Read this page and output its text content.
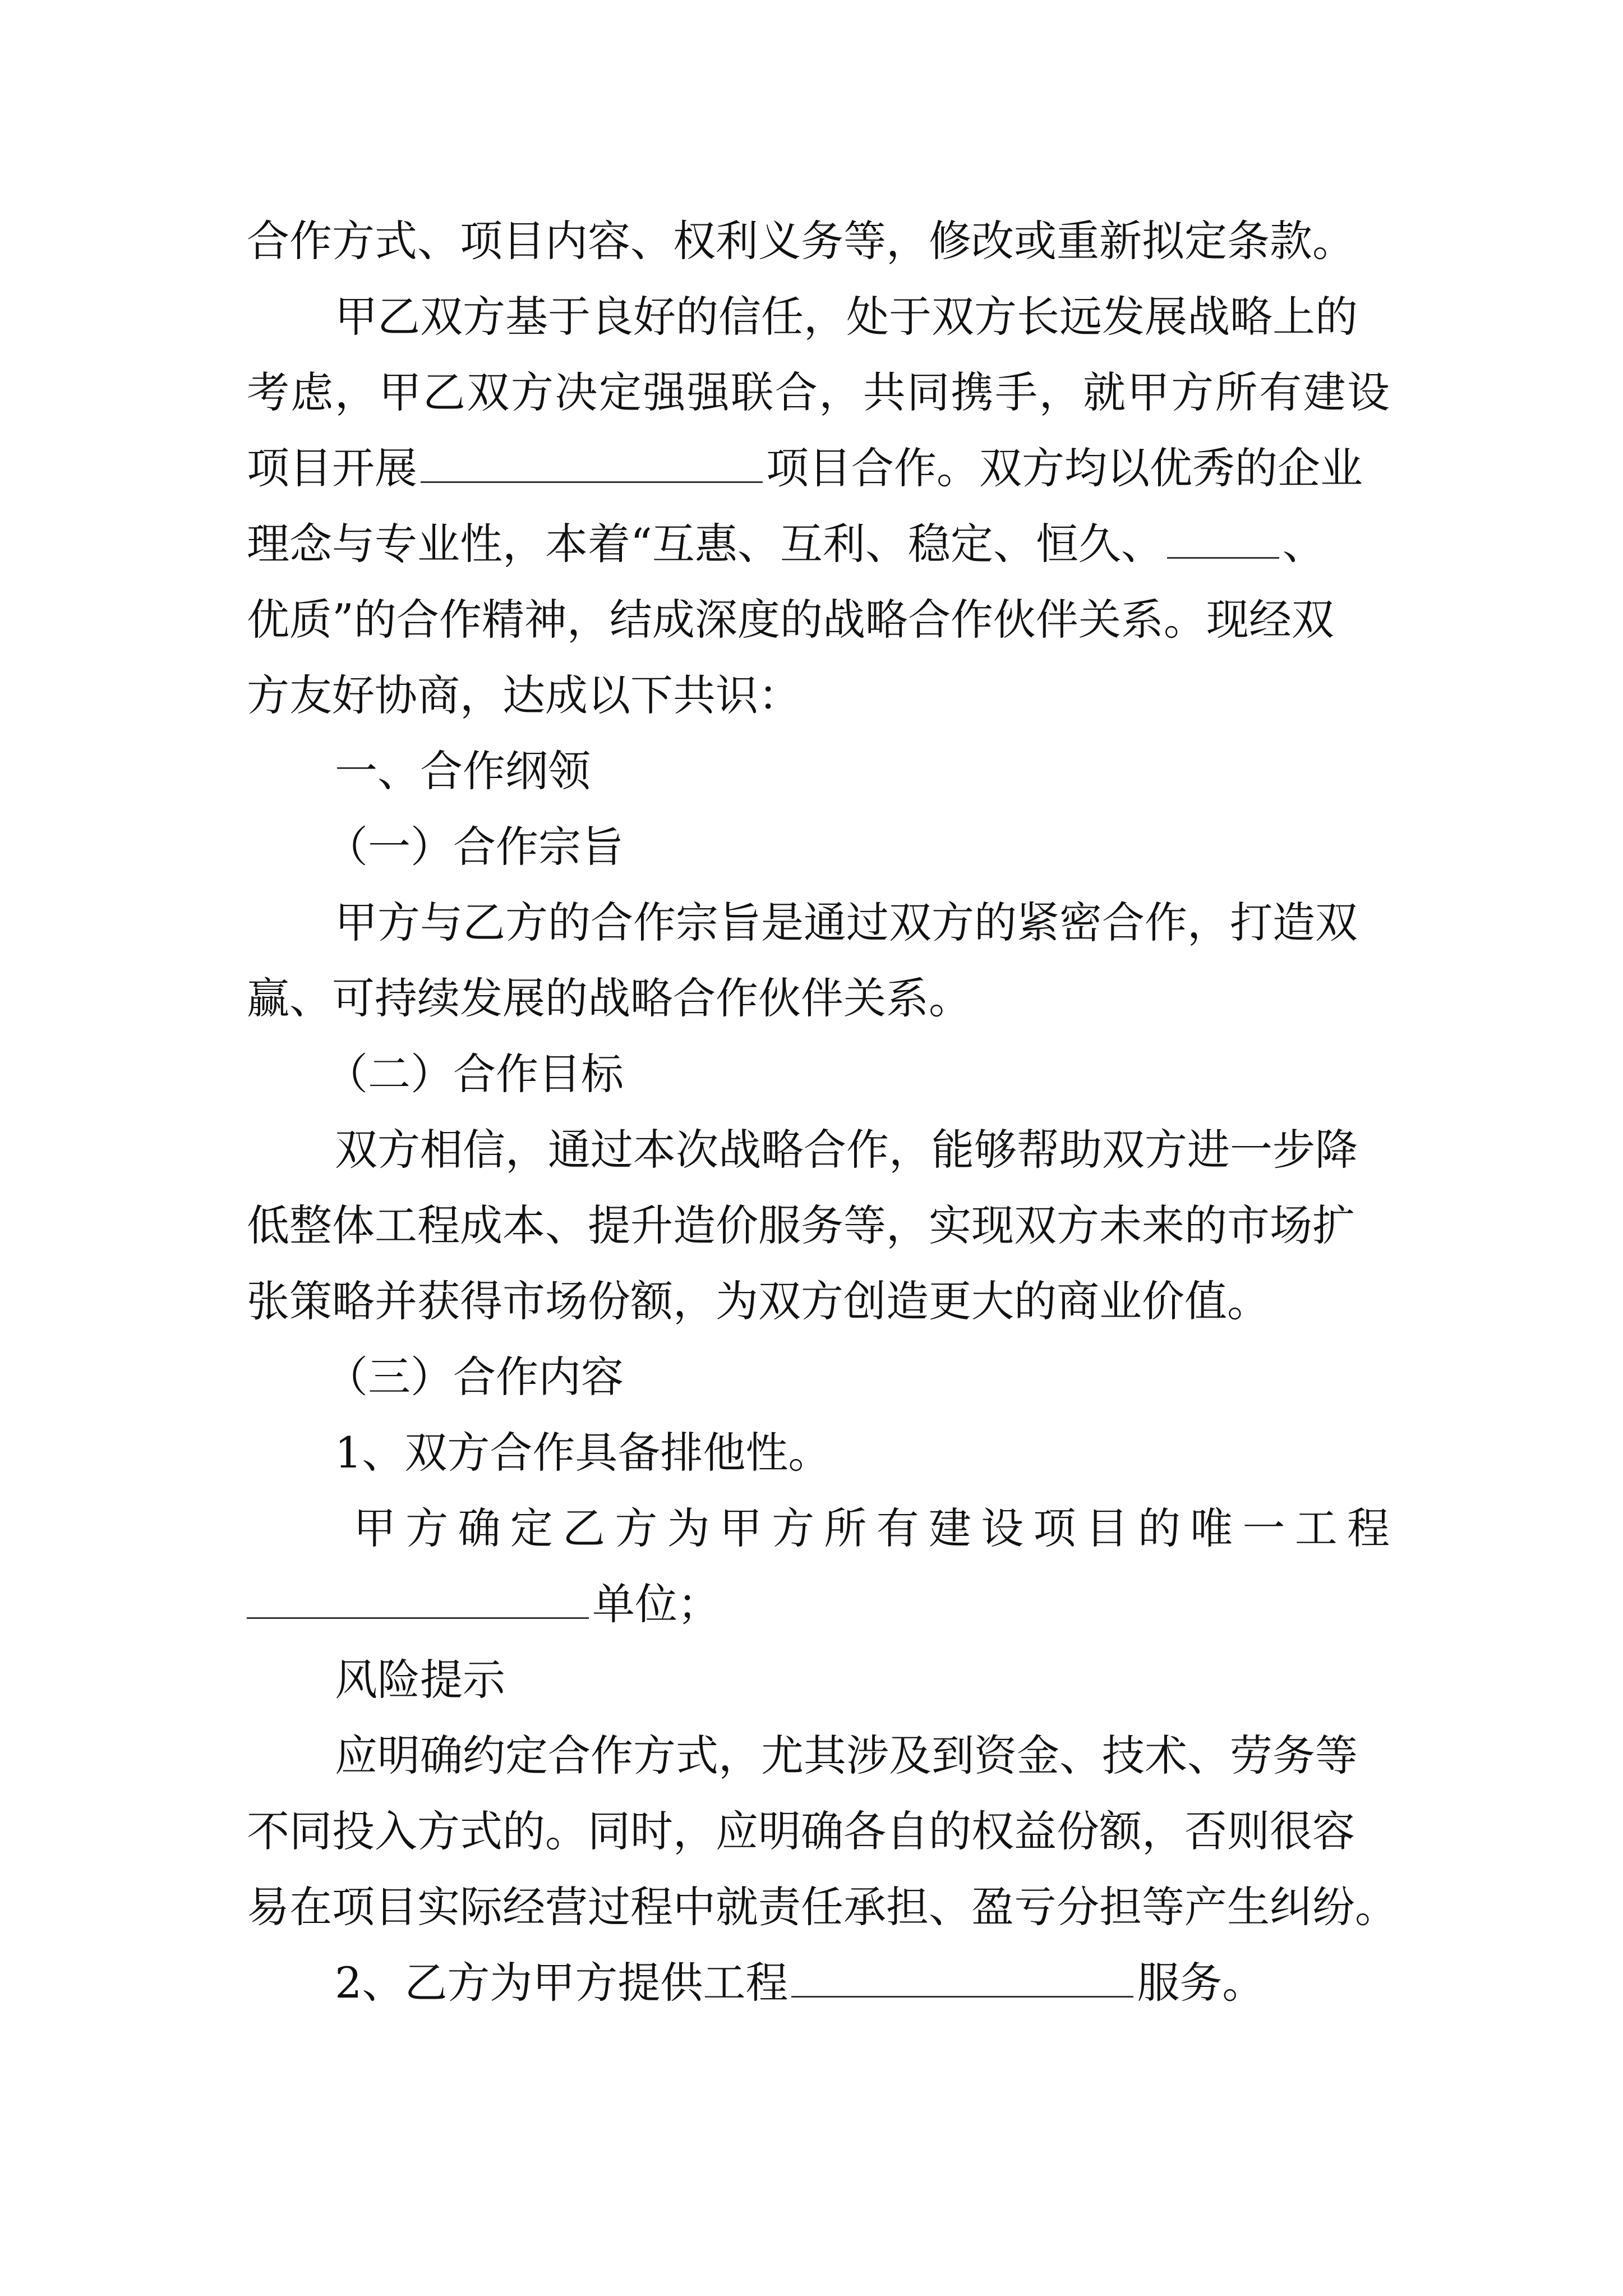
合作方式、项目内容、权利义务等，修改或重新拟定条款。
甲乙双方基于良好的信任，处于双方长远发展战略上的
考虑，甲乙双方决定强强联合，共同携手，就甲方所有建设
项目开展	项目合作。双方均以优秀的企业
理念与专业性，本着“互惠、互利、稳定、恒久、	、
优质”的合作精神，结成深度的战略合作伙伴关系。现经双
方友好协商，达成以下共识：
一、合作纲领
（一）合作宗旨
甲方与乙方的合作宗旨是通过双方的紧密合作，打造双
赢、可持续发展的战略合作伙伴关系。
（二）合作目标
双方相信，通过本次战略合作，能够帮助双方进一步降
低整体工程成本、提升造价服务等，实现双方未来的市场扩
张策略并获得市场份额，为双方创造更大的商业价值。
（三）合作内容
1、双方合作具备排他性。
甲方确定乙方为甲方所有建设项目的唯一工程
单位；
风险提示
应明确约定合作方式，尤其涉及到资金、技术、劳务等
不同投入方式的。同时，应明确各自的权益份额，否则很容
易在项目实际经营过程中就责任承担、盈亏分担等产生纠纷。
2、乙方为甲方提供工程	服务。
